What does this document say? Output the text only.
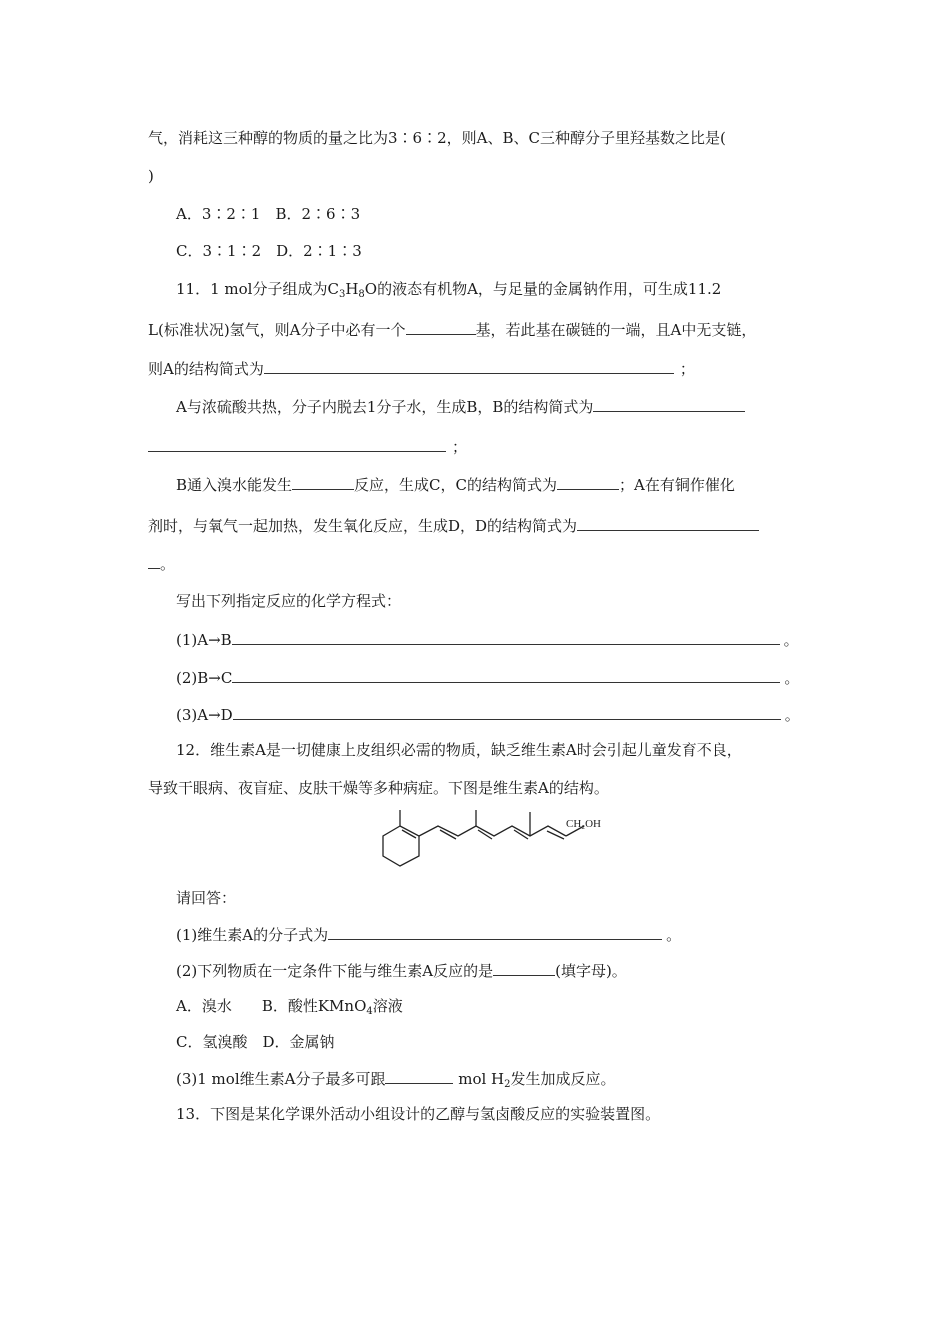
气，消耗这三种醇的物质的量之比为3∶6∶2，则A、B、C三种醇分子里羟基数之比是(
)
A．3∶2∶1　B．2∶6∶3
C．3∶1∶2　D．2∶1∶3
11．1 mol分子组成为$C_3H_8O$的液态有机物A，与足量的金属钠作用，可生成11.2
L(标准状况)氢气，则A分子中必有一个	基，若此基在碳链的一端，且A中无支链，
则A的结构简式为	；
A与浓硫酸共热，分子内脱去1分子水，生成B，B的结构简式为
；
B通入溴水能发生	反应，生成C，C的结构简式为	；A在有铜作催化
剂时，与氧气一起加热，发生氧化反应，生成D，D的结构简式为
。
写出下列指定反应的化学方程式：
(1)A→B	。
(2)B→C	。
(3)A→D	。
12．维生素A是一切健康上皮组织必需的物质，缺乏维生素A时会引起儿童发育不良，
导致干眼病、夜盲症、皮肤干燥等多种病症。下图是维生素A的结构。
CH₂OH
请回答：
(1)维生素A的分子式为	。
(2)下列物质在一定条件下能与维生素A反应的是	(填字母)。
A．溴水　　B．酸性KMnO$_4$溶液
C．氢溴酸　D．金属钠
(3)1 mol维生素A分子最多可跟	mol $H_2$发生加成反应。
13．下图是某化学课外活动小组设计的乙醇与氢卤酸反应的实验装置图。
